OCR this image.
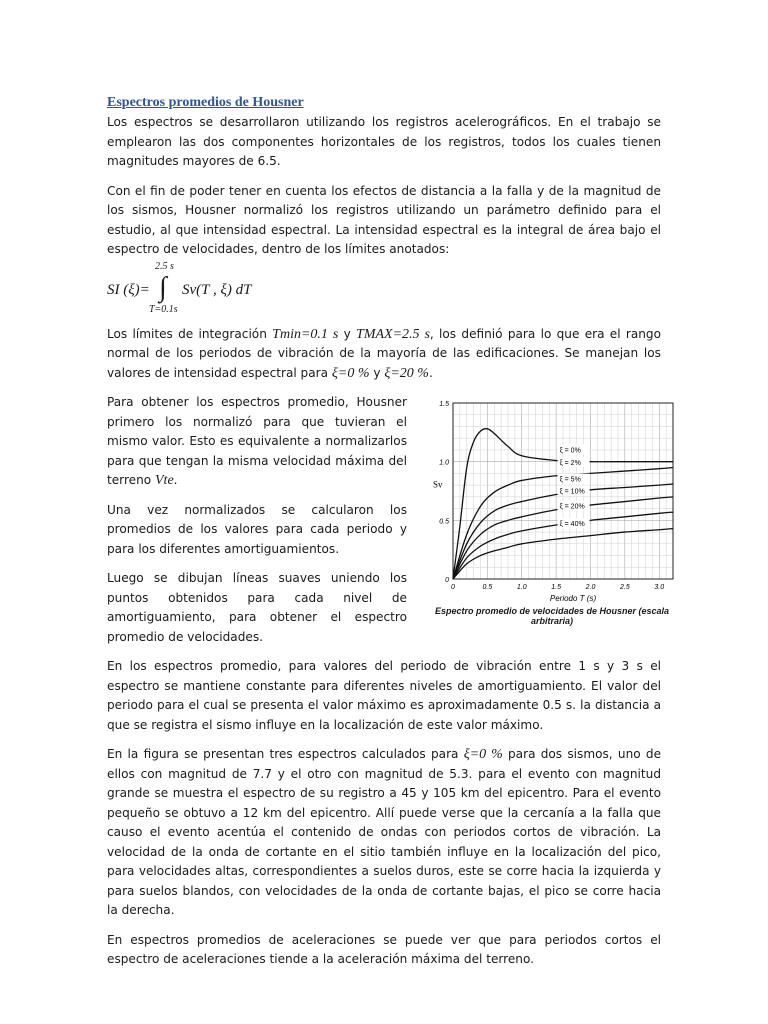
Espectros promedios de Housner

Los espectros se desarrollaron utilizando los registros acelerográficos. En el trabajo se emplearon las dos componentes horizontales de los registros, todos los cuales tienen magnitudes mayores de 6.5.

Con el fin de poder tener en cuenta los efectos de distancia a la falla y de la magnitud de los sismos, Housner normalizó los registros utilizando un parámetro definido para el estudio, al que intensidad espectral. La intensidad espectral es la integral de área bajo el espectro de velocidades, dentro de los límites anotados:

SI (ξ)=
2.5 s
∫
T=0.1s
Sv(T , ξ) dT

Los límites de integración Tmin=0.1 s y TMAX=2.5 s, los definió para lo que era el rango normal de los periodos de vibración de la mayoría de las edificaciones. Se manejan los valores de intensidad espectral para ξ=0 % y ξ=20 %.

Para obtener los espectros promedio, Housner primero los normalizó para que tuvieran el mismo valor. Esto es equivalente a normalizarlos para que tengan la misma velocidad máxima del terreno Vte.

Una vez normalizados se calcularon los promedios de los valores para cada periodo y para los diferentes amortiguamientos.

Luego se dibujan líneas suaves uniendo los puntos obtenidos para cada nivel de amortiguamiento, para obtener el espectro promedio de velocidades.

0
0.5
1.0
1.5
0	0.5	1.0	1.5	2.0	2.5	3.0
Periodo T (s)
Sv
ξ = 0%
ξ = 2%
ξ = 5%
ξ = 10%
ξ = 20%
ξ = 40%
Espectro promedio de velocidades de Housner (escala arbitraria)

En los espectros promedio, para valores del periodo de vibración entre 1 s y 3 s el espectro se mantiene constante para diferentes niveles de amortiguamiento. El valor del periodo para el cual se presenta el valor máximo es aproximadamente 0.5 s. la distancia a que se registra el sismo influye en la localización de este valor máximo.

En la figura se presentan tres espectros calculados para ξ=0 % para dos sismos, uno de ellos con magnitud de 7.7 y el otro con magnitud de 5.3. para el evento con magnitud grande se muestra el espectro de su registro a 45 y 105 km del epicentro. Para el evento pequeño se obtuvo a 12 km del epicentro. Allí puede verse que la cercanía a la falla que causo el evento acentúa el contenido de ondas con periodos cortos de vibración. La velocidad de la onda de cortante en el sitio también influye en la localización del pico, para velocidades altas, correspondientes a suelos duros, este se corre hacia la izquierda y para suelos blandos, con velocidades de la onda de cortante bajas, el pico se corre hacia la derecha.

En espectros promedios de aceleraciones se puede ver que para periodos cortos el espectro de aceleraciones tiende a la aceleración máxima del terreno.
